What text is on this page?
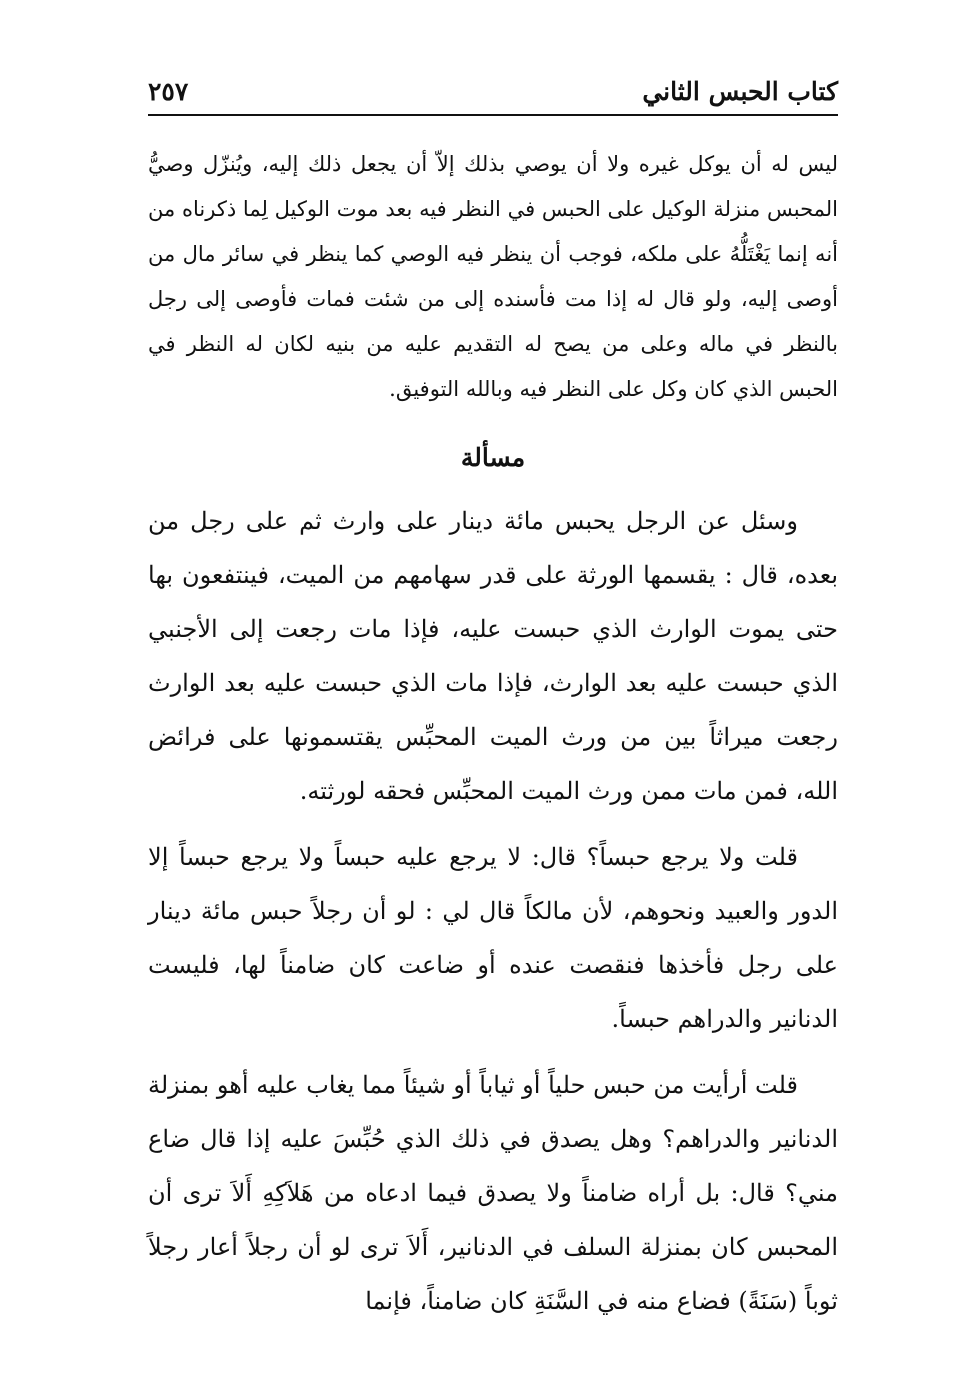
كتاب الحبس الثاني
٢٥٧

ليس له أن يوكل غيره ولا أن يوصي بذلك إلاّ أن يجعل ذلك إليه، ويُنزّل وصيُّ المحبس منزلة الوكيل على الحبس في النظر فيه بعد موت الوكيل لِما ذكرناه من أنه إنما يَغْتَلُّهُ على ملكه، فوجب أن ينظر فيه الوصي كما ينظر في سائر مال من أوصى إليه، ولو قال له إذا مت فأسنده إلى من شئت فمات فأوصى إلى رجل بالنظر في ماله وعلى من يصح له التقديم عليه من بنيه لكان له النظر في الحبس الذي كان وكل على النظر فيه وبالله التوفيق.

مسألة

وسئل عن الرجل يحبس مائة دينار على وارث ثم على رجل من بعده، قال : يقسمها الورثة على قدر سهامهم من الميت، فينتفعون بها حتى يموت الوارث الذي حبست عليه، فإذا مات رجعت إلى الأجنبي الذي حبست عليه بعد الوارث، فإذا مات الذي حبست عليه بعد الوارث رجعت ميراثاً بين من ورث الميت المحبِّس يقتسمونها على فرائض الله، فمن مات ممن ورث الميت المحبِّس فحقه لورثته.

قلت ولا يرجع حبساً؟ قال: لا يرجع عليه حبساً ولا يرجع حبساً إلا الدور والعبيد ونحوهم، لأن مالكاً قال لي : لو أن رجلاً حبس مائة دينار على رجل فأخذها فنقصت عنده أو ضاعت كان ضامناً لها، فليست الدنانير والدراهم حبساً.

قلت أرأيت من حبس حلياً أو ثياباً أو شيئاً مما يغاب عليه أهو بمنزلة الدنانير والدراهم؟ وهل يصدق في ذلك الذي حُبِّسَ عليه إذا قال ضاع مني؟ قال: بل أراه ضامناً ولا يصدق فيما ادعاه من هَلاَكِهِ أَلاَ ترى أن المحبس كان بمنزلة السلف في الدنانير، أَلاَ ترى لو أن رجلاً أعار رجلاً ثوباً (سَنَةً) فضاع منه في السَّنَةِ كان ضامناً، فإنما
